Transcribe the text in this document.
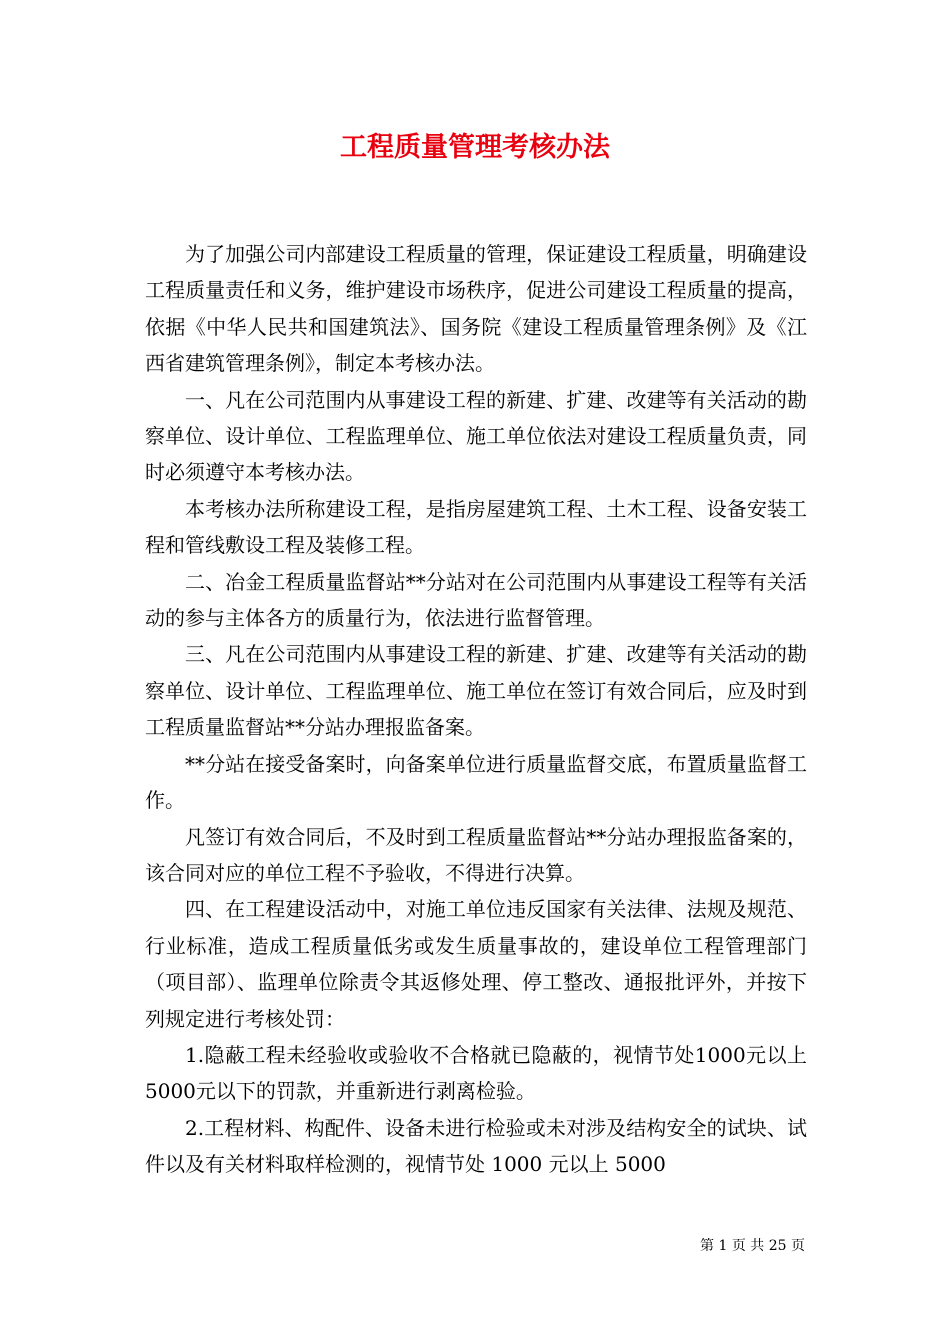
工程质量管理考核办法

为了加强公司内部建设工程质量的管理，保证建设工程质量，明确建设工程质量责任和义务，维护建设市场秩序，促进公司建设工程质量的提高，依据《中华人民共和国建筑法》、国务院《建设工程质量管理条例》及《江西省建筑管理条例》，制定本考核办法。

一、凡在公司范围内从事建设工程的新建、扩建、改建等有关活动的勘察单位、设计单位、工程监理单位、施工单位依法对建设工程质量负责，同时必须遵守本考核办法。

本考核办法所称建设工程，是指房屋建筑工程、土木工程、设备安装工程和管线敷设工程及装修工程。

二、冶金工程质量监督站**分站对在公司范围内从事建设工程等有关活动的参与主体各方的质量行为，依法进行监督管理。

三、凡在公司范围内从事建设工程的新建、扩建、改建等有关活动的勘察单位、设计单位、工程监理单位、施工单位在签订有效合同后，应及时到工程质量监督站**分站办理报监备案。

**分站在接受备案时，向备案单位进行质量监督交底，布置质量监督工作。

凡签订有效合同后，不及时到工程质量监督站**分站办理报监备案的，该合同对应的单位工程不予验收，不得进行决算。

四、在工程建设活动中，对施工单位违反国家有关法律、法规及规范、行业标准，造成工程质量低劣或发生质量事故的，建设单位工程管理部门（项目部）、监理单位除责令其返修处理、停工整改、通报批评外，并按下列规定进行考核处罚：

1.隐蔽工程未经验收或验收不合格就已隐蔽的，视情节处1000元以上5000元以下的罚款，并重新进行剥离检验。

2.工程材料、构配件、设备未进行检验或未对涉及结构安全的试块、试件以及有关材料取样检测的，视情节处 1000 元以上 5000

第 1 页 共 25 页
